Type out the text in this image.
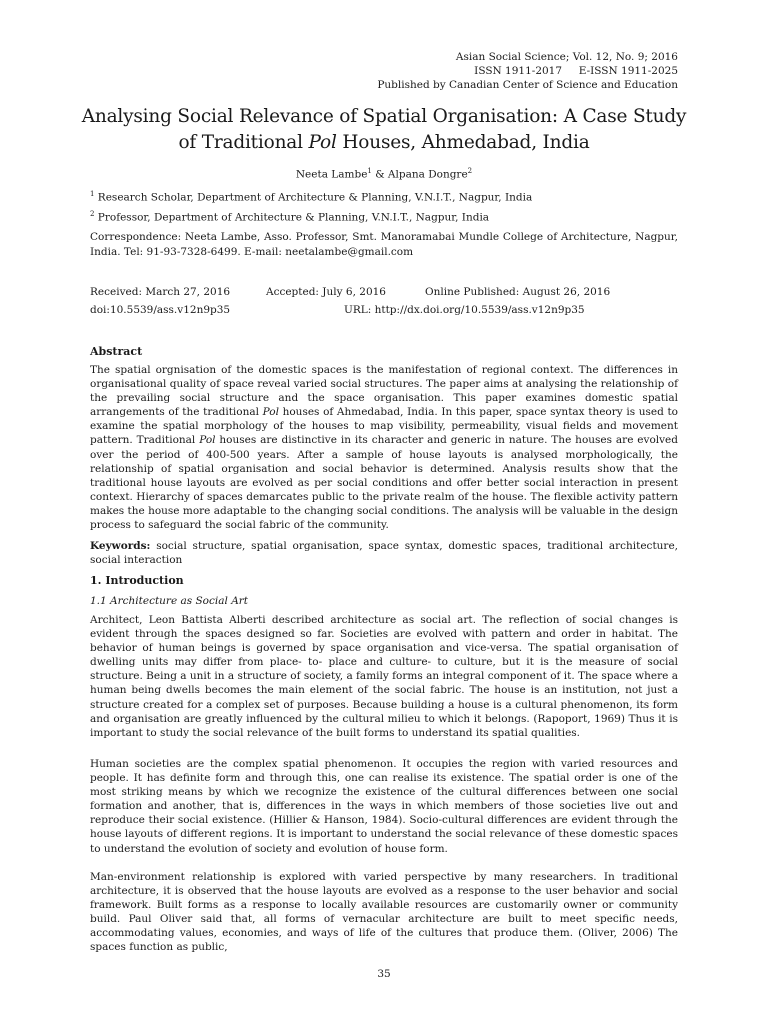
Asian Social Science; Vol. 12, No. 9; 2016
ISSN 1911-2017     E-ISSN 1911-2025
Published by Canadian Center of Science and Education
Analysing Social Relevance of Spatial Organisation: A Case Study of Traditional Pol Houses, Ahmedabad, India
Neeta Lambe$^1$ & Alpana Dongre$^2$
$^1$ Research Scholar, Department of Architecture & Planning, V.N.I.T., Nagpur, India
$^2$ Professor, Department of Architecture & Planning, V.N.I.T., Nagpur, India
Correspondence: Neeta Lambe, Asso. Professor, Smt. Manoramabai Mundle College of Architecture, Nagpur, India. Tel: 91-93-7328-6499. E-mail: neetalambe@gmail.com
Received: March 27, 2016	Accepted: July 6, 2016	Online Published: August 26, 2016
doi:10.5539/ass.v12n9p35	URL: http://dx.doi.org/10.5539/ass.v12n9p35
Abstract
The spatial orgnisation of the domestic spaces is the manifestation of regional context. The differences in organisational quality of space reveal varied social structures. The paper aims at analysing the relationship of the prevailing social structure and the space organisation. This paper examines domestic spatial arrangements of the traditional Pol houses of Ahmedabad, India. In this paper, space syntax theory is used to examine the spatial morphology of the houses to map visibility, permeability, visual fields and movement pattern. Traditional Pol houses are distinctive in its character and generic in nature. The houses are evolved over the period of 400-500 years. After a sample of house layouts is analysed morphologically, the relationship of spatial organisation and social behavior is determined. Analysis results show that the traditional house layouts are evolved as per social conditions and offer better social interaction in present context. Hierarchy of spaces demarcates public to the private realm of the house. The flexible activity pattern makes the house more adaptable to the changing social conditions. The analysis will be valuable in the design process to safeguard the social fabric of the community.
Keywords: social structure, spatial organisation, space syntax, domestic spaces, traditional architecture, social interaction
1. Introduction
1.1 Architecture as Social Art
Architect, Leon Battista Alberti described architecture as social art. The reflection of social changes is evident through the spaces designed so far. Societies are evolved with pattern and order in habitat. The behavior of human beings is governed by space organisation and vice-versa. The spatial organisation of dwelling units may differ from place- to- place and culture- to culture, but it is the measure of social structure. Being a unit in a structure of society, a family forms an integral component of it. The space where a human being dwells becomes the main element of the social fabric. The house is an institution, not just a structure created for a complex set of purposes. Because building a house is a cultural phenomenon, its form and organisation are greatly influenced by the cultural milieu to which it belongs. (Rapoport, 1969) Thus it is important to study the social relevance of the built forms to understand its spatial qualities.
Human societies are the complex spatial phenomenon. It occupies the region with varied resources and people. It has definite form and through this, one can realise its existence. The spatial order is one of the most striking means by which we recognize the existence of the cultural differences between one social formation and another, that is, differences in the ways in which members of those societies live out and reproduce their social existence. (Hillier & Hanson, 1984). Socio-cultural differences are evident through the house layouts of different regions. It is important to understand the social relevance of these domestic spaces to understand the evolution of society and evolution of house form.
Man-environment relationship is explored with varied perspective by many researchers. In traditional architecture, it is observed that the house layouts are evolved as a response to the user behavior and social framework. Built forms as a response to locally available resources are customarily owner or community build. Paul Oliver said that, all forms of vernacular architecture are built to meet specific needs, accommodating values, economies, and ways of life of the cultures that produce them. (Oliver, 2006) The spaces function as public,
35
